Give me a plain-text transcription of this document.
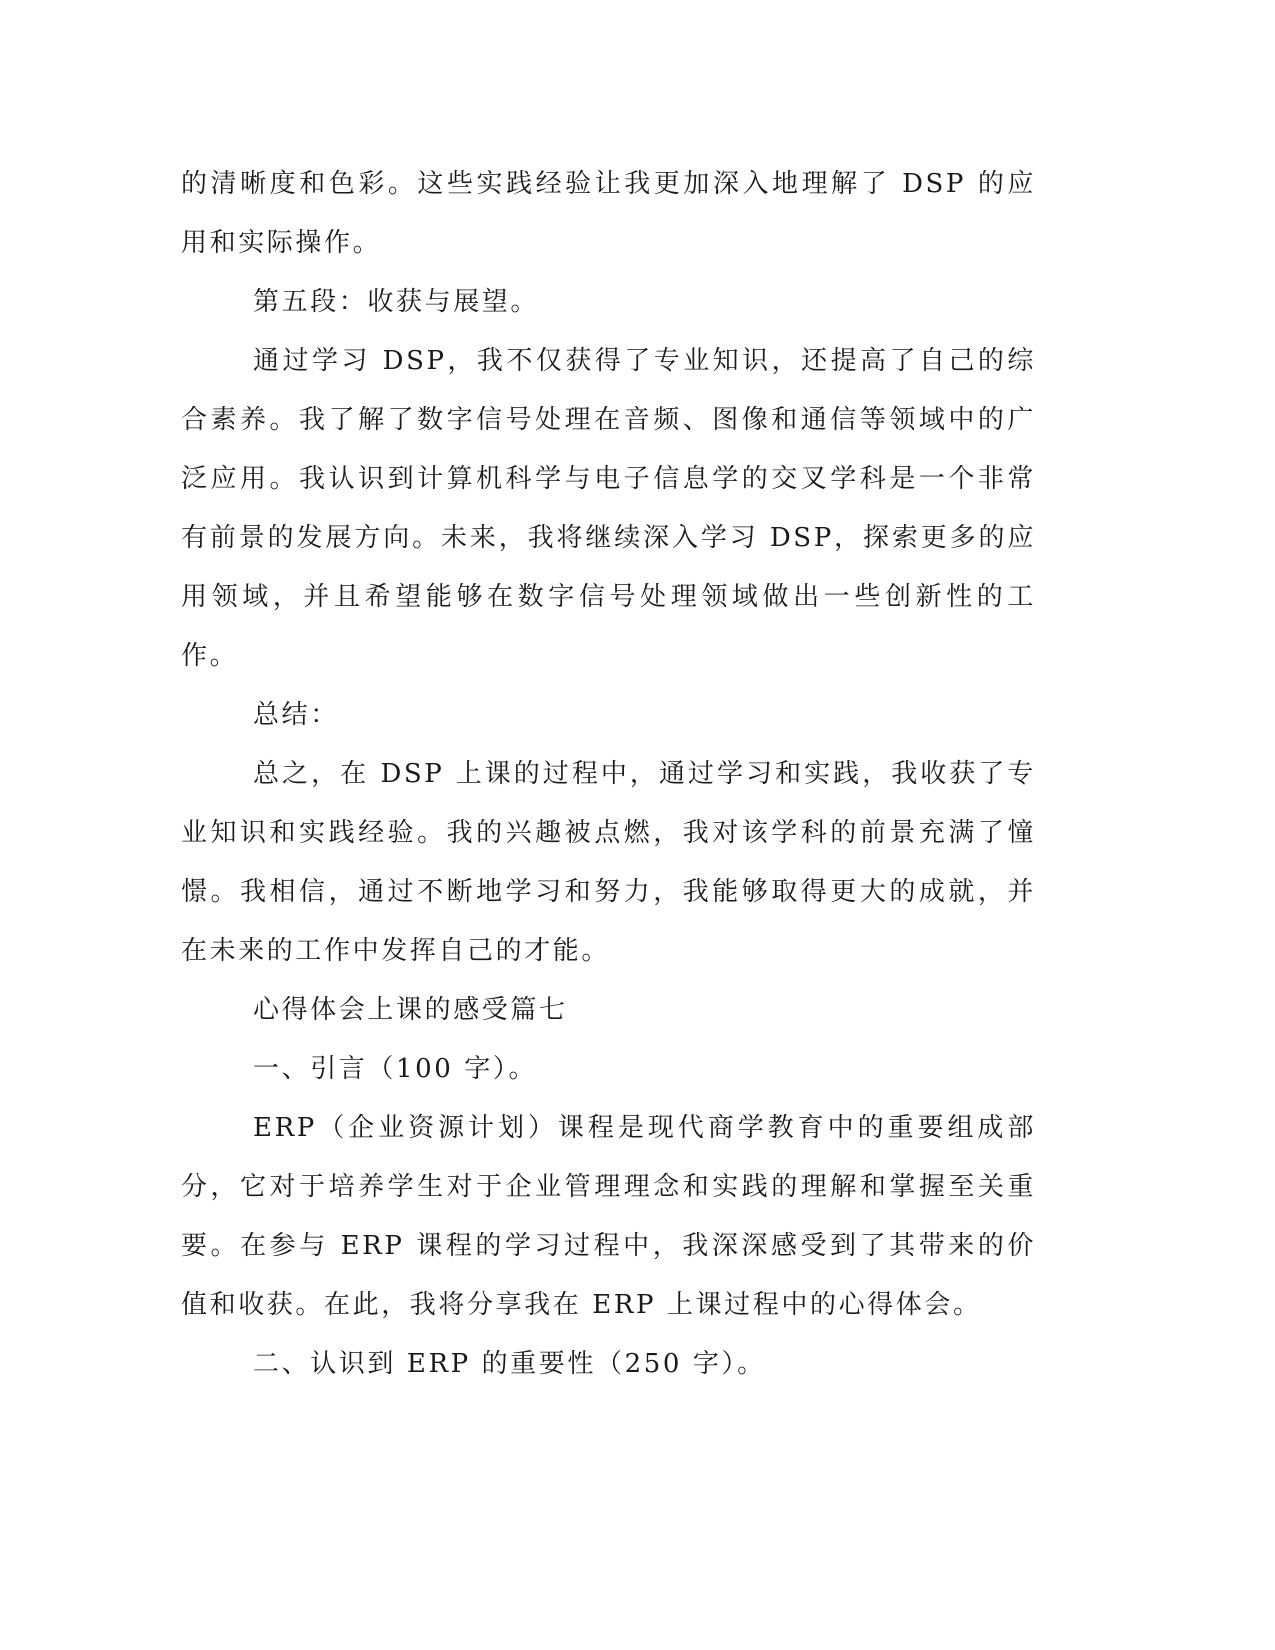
的清晰度和色彩。这些实践经验让我更加深入地理解了 DSP 的应用和实际操作。

第五段：收获与展望。

通过学习 DSP，我不仅获得了专业知识，还提高了自己的综合素养。我了解了数字信号处理在音频、图像和通信等领域中的广泛应用。我认识到计算机科学与电子信息学的交叉学科是一个非常有前景的发展方向。未来，我将继续深入学习 DSP，探索更多的应用领域，并且希望能够在数字信号处理领域做出一些创新性的工作。

总结：

总之，在 DSP 上课的过程中，通过学习和实践，我收获了专业知识和实践经验。我的兴趣被点燃，我对该学科的前景充满了憧憬。我相信，通过不断地学习和努力，我能够取得更大的成就，并在未来的工作中发挥自己的才能。

心得体会上课的感受篇七

一、引言（100 字）。

ERP（企业资源计划）课程是现代商学教育中的重要组成部分，它对于培养学生对于企业管理理念和实践的理解和掌握至关重要。在参与 ERP 课程的学习过程中，我深深感受到了其带来的价值和收获。在此，我将分享我在 ERP 上课过程中的心得体会。

二、认识到 ERP 的重要性（250 字）。
